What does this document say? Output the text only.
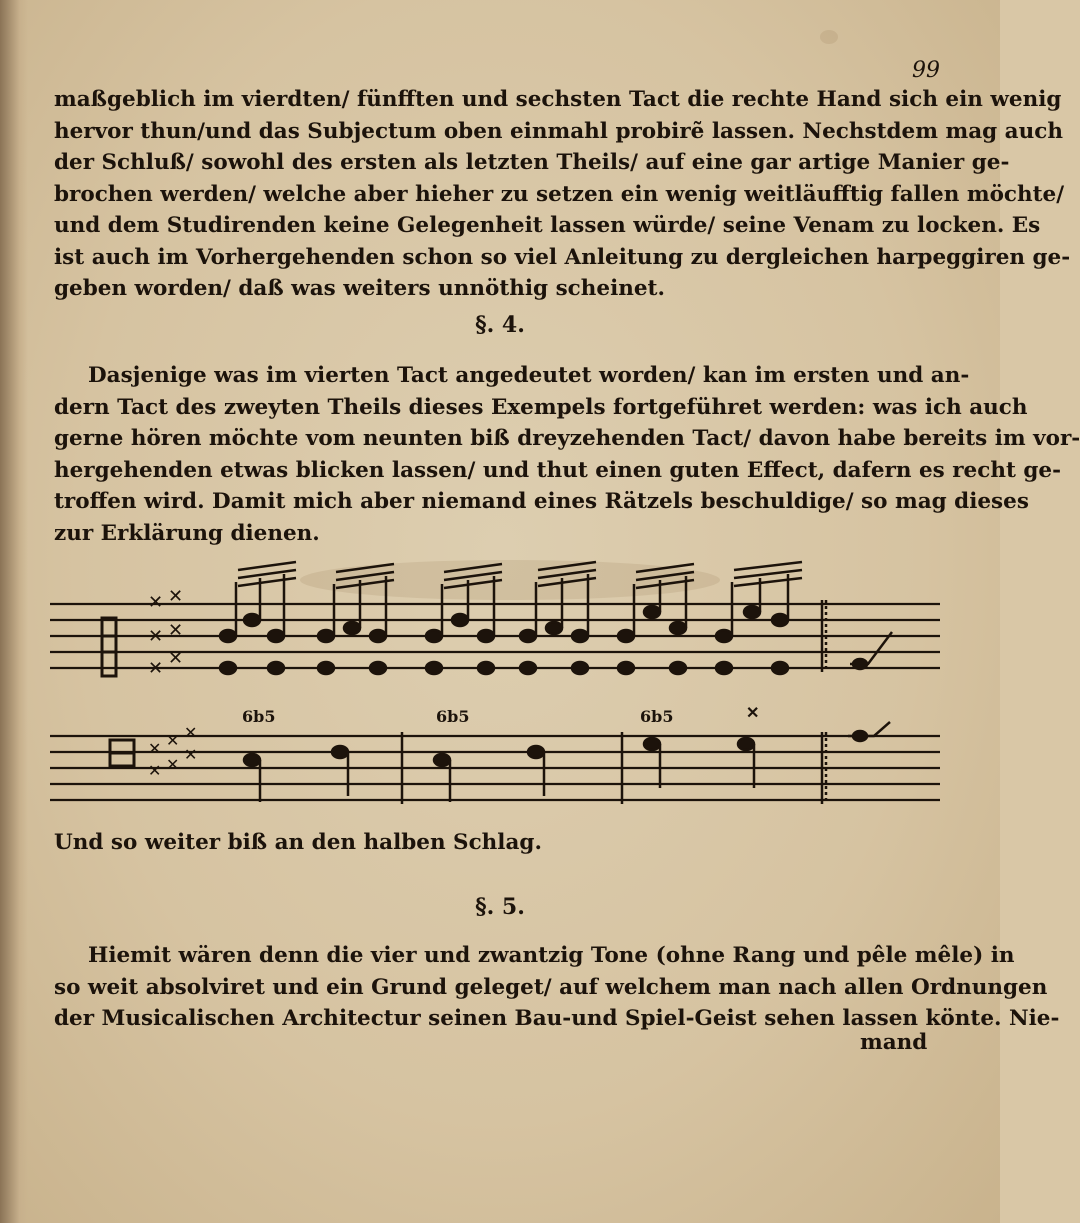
99
maßgeblich im vierdten/ fünfften und sechsten Tact die rechte Hand sich ein wenig
hervor thun/und das Subjectum oben einmahl probirẽ lassen. Nechstdem mag auch
der Schluß/ sowohl des ersten als letzten Theils/ auf eine gar artige Manier ge-
brochen werden/ welche aber hieher zu setzen ein wenig weitläufftig fallen möchte/
und dem Studirenden keine Gelegenheit lassen würde/ seine Venam zu locken. Es
ist auch im Vorhergehenden schon so viel Anleitung zu dergleichen harpeggiren ge-
geben worden/ daß was weiters unnöthig scheinet.
§. 4.
Dasjenige was im vierten Tact angedeutet worden/ kan im ersten und an-
dern Tact des zweyten Theils dieses Exempels fortgeführet werden: was ich auch
gerne hören möchte vom neunten biß dreyzehenden Tact/ davon habe bereits im vor-
hergehenden etwas blicken lassen/ und thut einen guten Effect, dafern es recht ge-
troffen wird. Damit mich aber niemand eines Rätzels beschuldige/ so mag dieses
zur Erklärung dienen.
✕ ✕
✕ ✕
✕ ✕
✕ ✕ ✕
✕ ✕
✕
6b5	6b5	6b5	✕
Und so weiter biß an den halben Schlag.
§. 5.
Hiemit wären denn die vier und zwantzig Tone (ohne Rang und pêle mêle) in
so weit absolviret und ein Grund geleget/ auf welchem man nach allen Ordnungen
der Musicalischen Architectur seinen Bau-und Spiel-Geist sehen lassen könte. Nie-
mand
